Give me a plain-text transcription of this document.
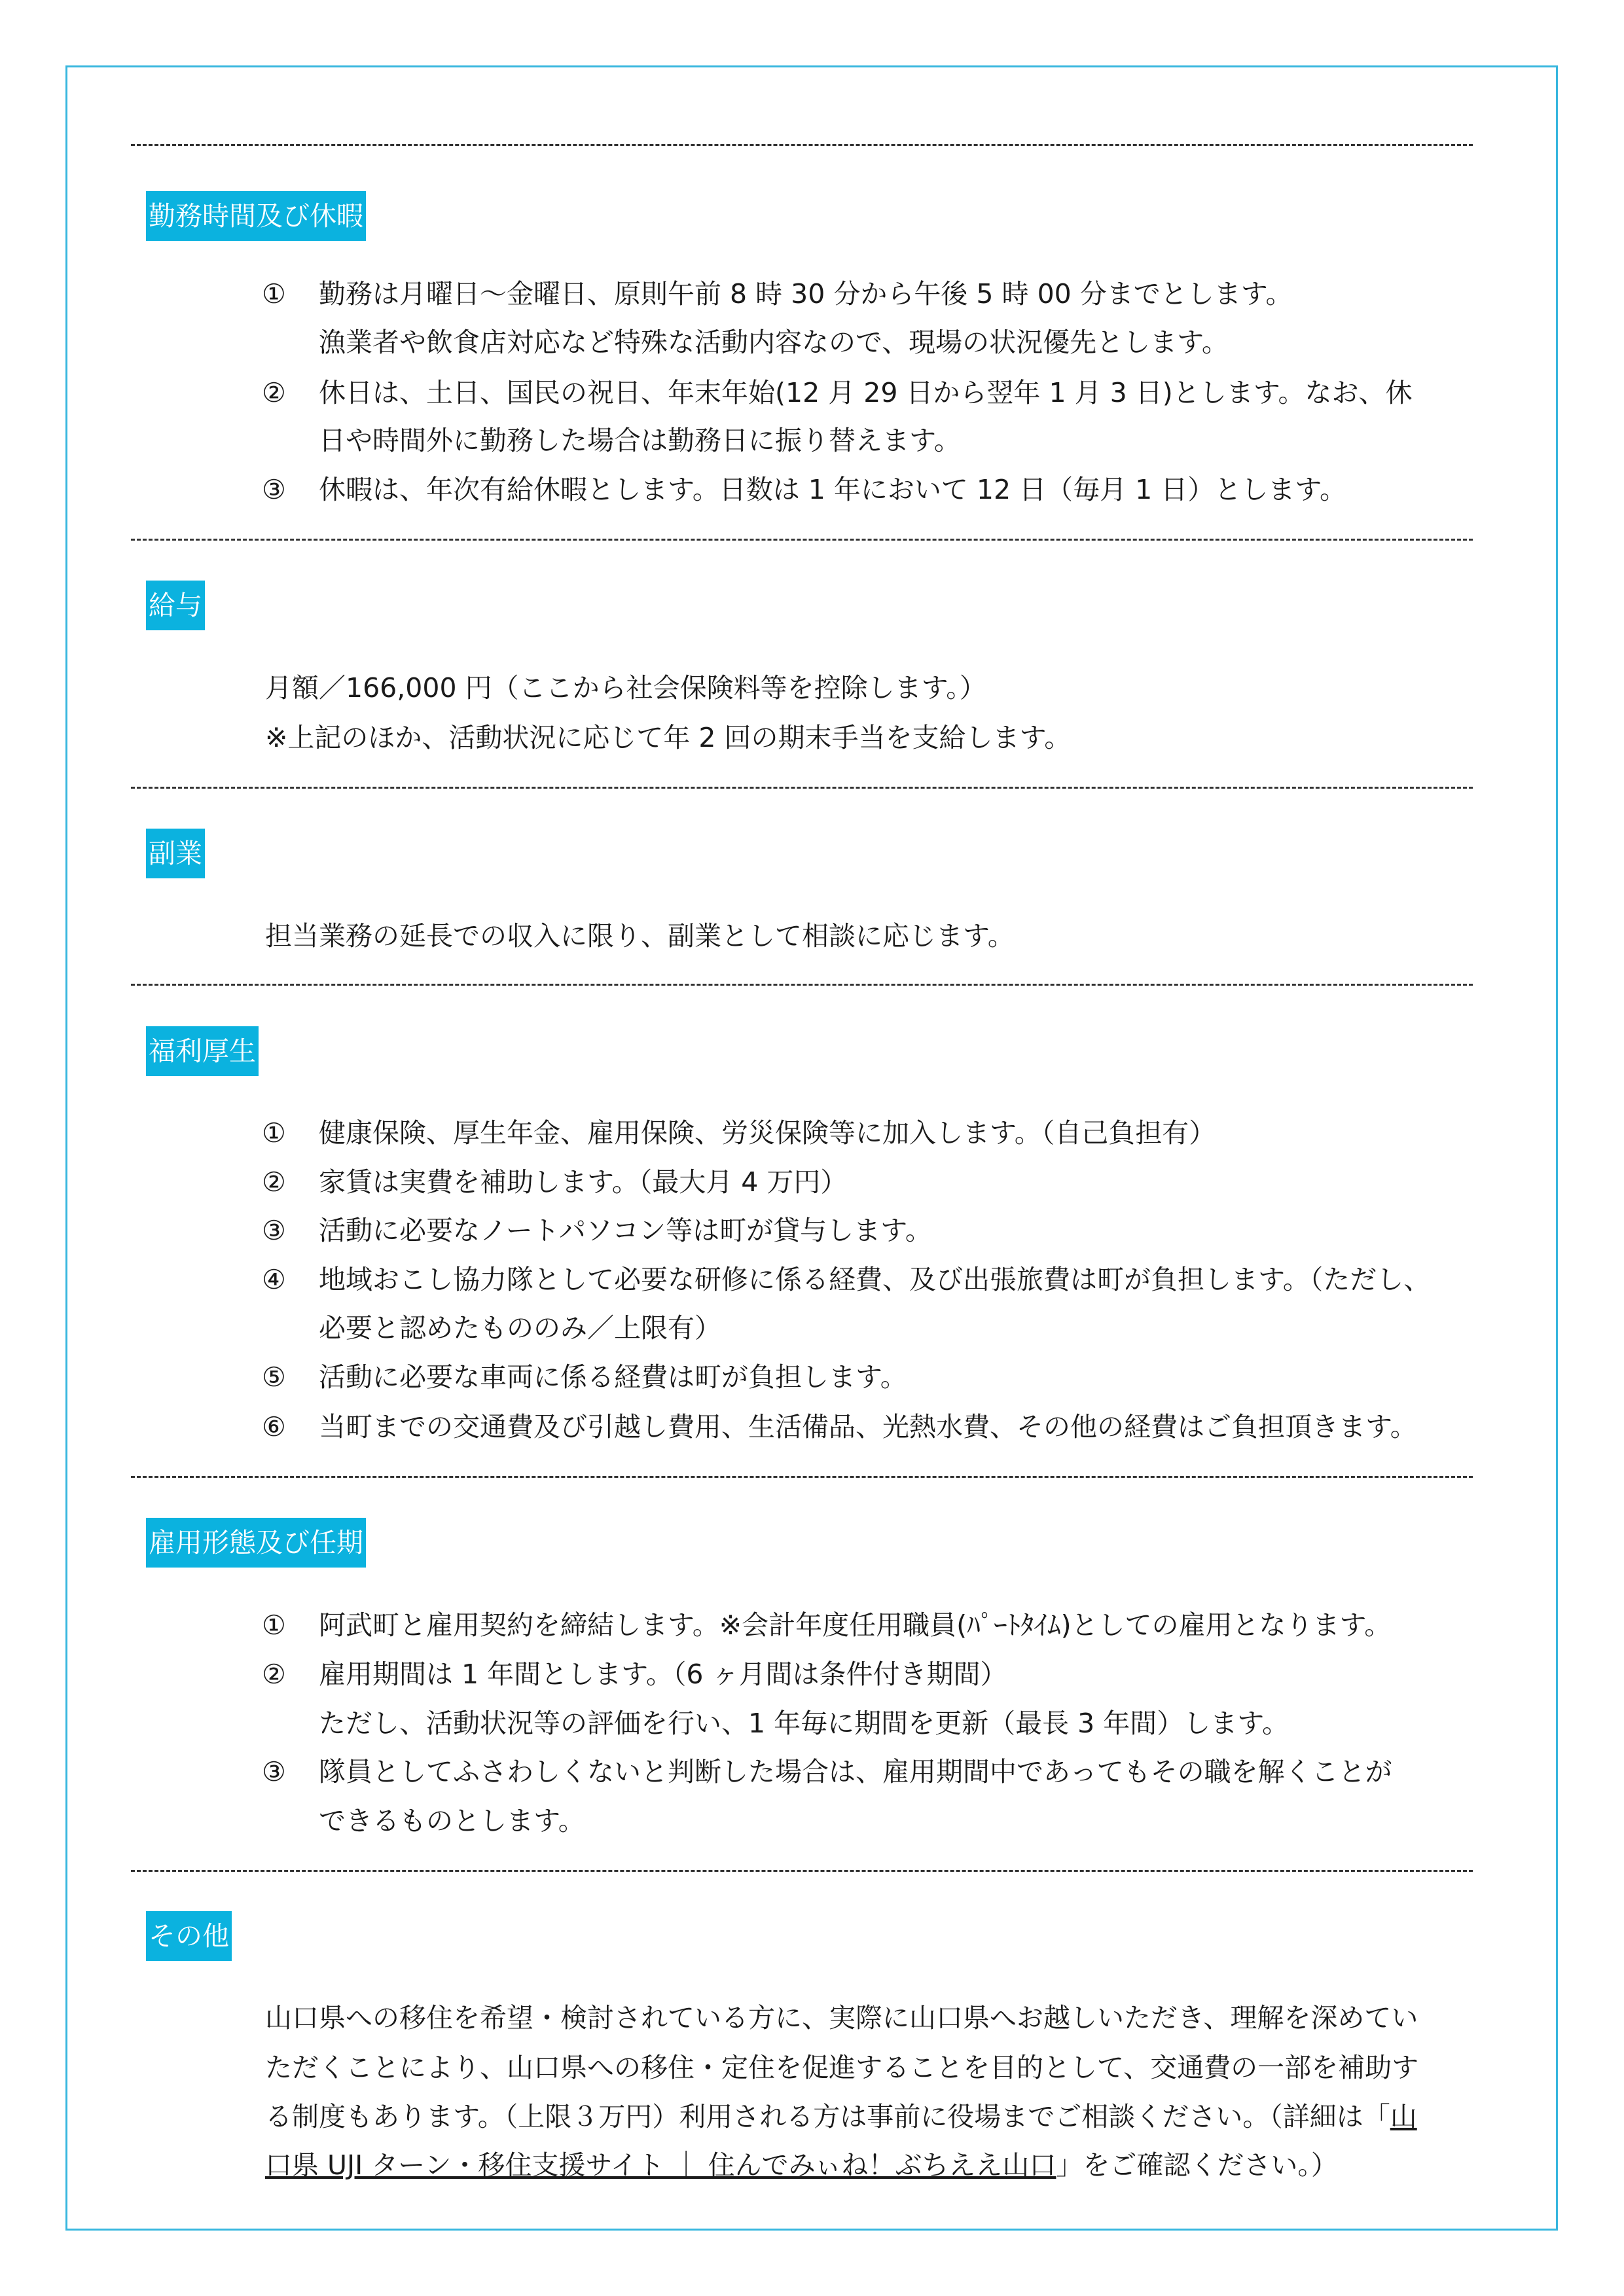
勤務時間及び休暇
① 勤務は月曜日～金曜日、原則午前 8 時 30 分から午後 5 時 00 分までとします。
漁業者や飲食店対応など特殊な活動内容なので、現場の状況優先とします。
② 休日は、土日、国民の祝日、年末年始(12 月 29 日から翌年 1 月 3 日)とします。なお、休
日や時間外に勤務した場合は勤務日に振り替えます。
③ 休暇は、年次有給休暇とします。日数は 1 年において 12 日（毎月 1 日）とします。
給与
月額／166,000 円（ここから社会保険料等を控除します。）
※上記のほか、活動状況に応じて年 2 回の期末手当を支給します。
副業
担当業務の延長での収入に限り、副業として相談に応じます。
福利厚生
① 健康保険、厚生年金、雇用保険、労災保険等に加入します。（自己負担有）
② 家賃は実費を補助します。（最大月 4 万円）
③ 活動に必要なノートパソコン等は町が貸与します。
④ 地域おこし協力隊として必要な研修に係る経費、及び出張旅費は町が負担します。（ただし、
必要と認めたもののみ／上限有）
⑤ 活動に必要な車両に係る経費は町が負担します。
⑥ 当町までの交通費及び引越し費用、生活備品、光熱水費、その他の経費はご負担頂きます。
雇用形態及び任期
① 阿武町と雇用契約を締結します。※会計年度任用職員(ﾊﾟｰﾄﾀｲﾑ)としての雇用となります。
② 雇用期間は 1 年間とします。（6 ヶ月間は条件付き期間）
ただし、活動状況等の評価を行い、1 年毎に期間を更新（最長 3 年間）します。
③ 隊員としてふさわしくないと判断した場合は、雇用期間中であってもその職を解くことが
できるものとします。
その他
山口県への移住を希望・検討されている方に、実際に山口県へお越しいただき、理解を深めてい
ただくことにより、山口県への移住・定住を促進することを目的として、交通費の一部を補助す
る制度もあります。（上限３万円）利用される方は事前に役場までご相談ください。（詳細は「山
口県 UJI ターン・移住支援サイト ｜ 住んでみぃね！ぶちええ山口」をご確認ください。）
